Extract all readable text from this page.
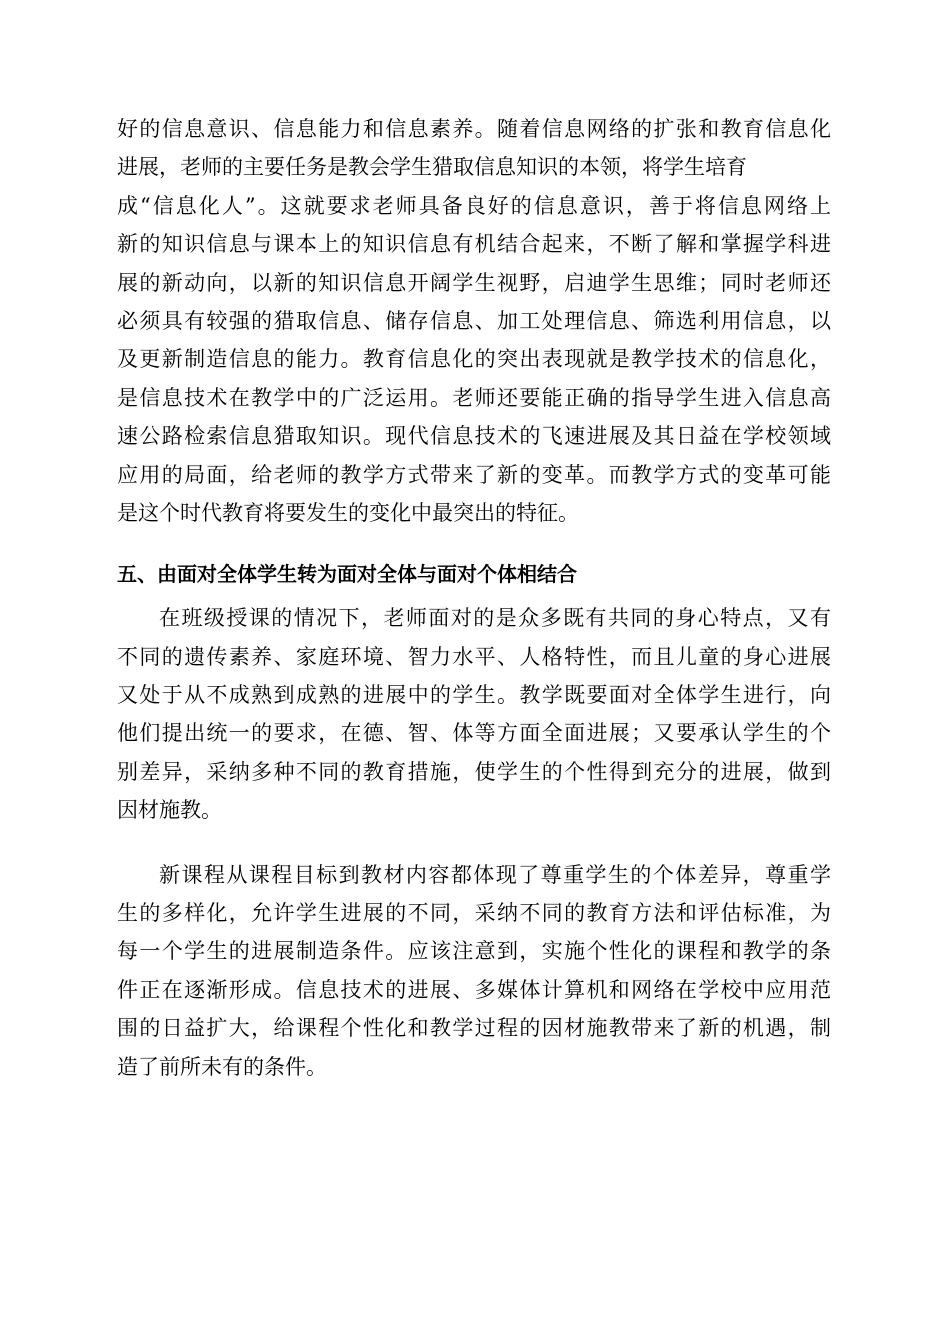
好的信息意识、信息能力和信息素养。随着信息网络的扩张和教育信息化
进展，老师的主要任务是教会学生猎取信息知识的本领，将学生培育
成“信息化人”。这就要求老师具备良好的信息意识，善于将信息网络上
新的知识信息与课本上的知识信息有机结合起来，不断了解和掌握学科进
展的新动向，以新的知识信息开阔学生视野，启迪学生思维；同时老师还
必须具有较强的猎取信息、储存信息、加工处理信息、筛选利用信息，以
及更新制造信息的能力。教育信息化的突出表现就是教学技术的信息化，
是信息技术在教学中的广泛运用。老师还要能正确的指导学生进入信息高
速公路检索信息猎取知识。现代信息技术的飞速进展及其日益在学校领域
应用的局面，给老师的教学方式带来了新的变革。而教学方式的变革可能
是这个时代教育将要发生的变化中最突出的特征。
五、由面对全体学生转为面对全体与面对个体相结合
在班级授课的情况下，老师面对的是众多既有共同的身心特点，又有
不同的遗传素养、家庭环境、智力水平、人格特性，而且儿童的身心进展
又处于从不成熟到成熟的进展中的学生。教学既要面对全体学生进行，向
他们提出统一的要求，在德、智、体等方面全面进展；又要承认学生的个
别差异，采纳多种不同的教育措施，使学生的个性得到充分的进展，做到
因材施教。
新课程从课程目标到教材内容都体现了尊重学生的个体差异，尊重学
生的多样化，允许学生进展的不同，采纳不同的教育方法和评估标准，为
每一个学生的进展制造条件。应该注意到，实施个性化的课程和教学的条
件正在逐渐形成。信息技术的进展、多媒体计算机和网络在学校中应用范
围的日益扩大，给课程个性化和教学过程的因材施教带来了新的机遇，制
造了前所未有的条件。
